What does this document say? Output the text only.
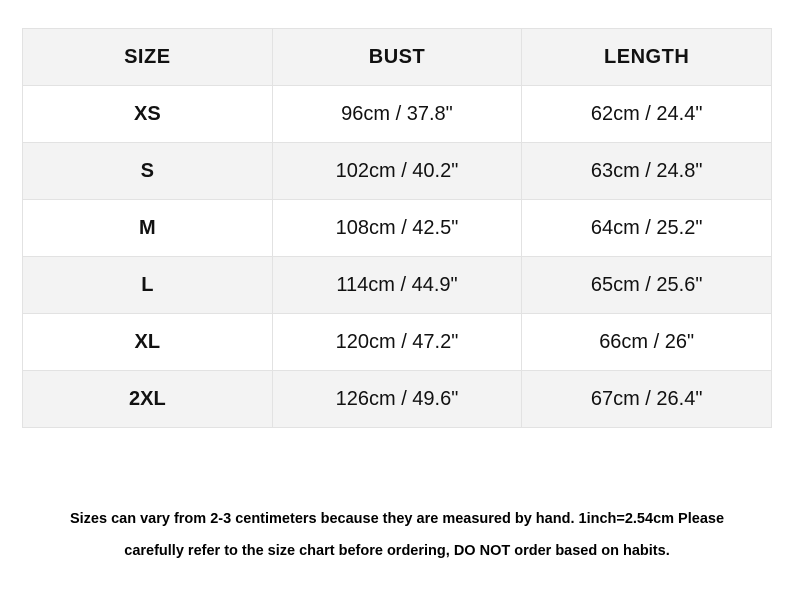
SIZE	BUST	LENGTH
XS	96cm / 37.8"	62cm / 24.4"
S	102cm / 40.2"	63cm / 24.8"
M	108cm / 42.5"	64cm / 25.2"
L	114cm / 44.9"	65cm / 25.6"
XL	120cm / 47.2"	66cm / 26"
2XL	126cm / 49.6"	67cm / 26.4"
Sizes can vary from 2-3 centimeters because they are measured by hand. 1inch=2.54cm Please
carefully refer to the size chart before ordering, DO NOT order based on habits.
